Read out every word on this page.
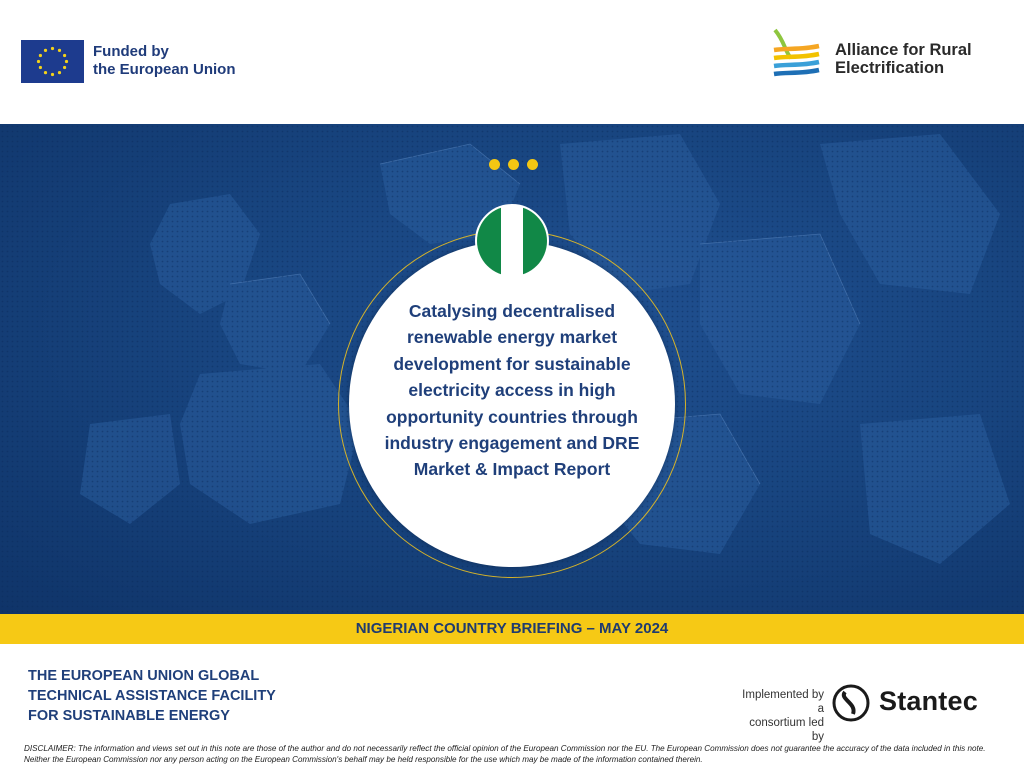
Funded by
the European Union
Alliance for Rural
Electrification

Catalysing decentralised renewable energy market development for sustainable electricity access in high opportunity countries through industry engagement and DRE Market & Impact Report

NIGERIAN COUNTRY BRIEFING – MAY 2024
THE EUROPEAN UNION GLOBAL
TECHNICAL ASSISTANCE FACILITY
FOR SUSTAINABLE ENERGY
Implemented by a
consortium led by
Stantec
DISCLAIMER: The information and views set out in this note are those of the author and do not necessarily reflect the official opinion of the European Commission nor the EU. The European Commission does not guarantee the accuracy of the data included in this note. Neither the European Commission nor any person acting on the European Commission's behalf may be held responsible for the use which may be made of the information contained therein.
